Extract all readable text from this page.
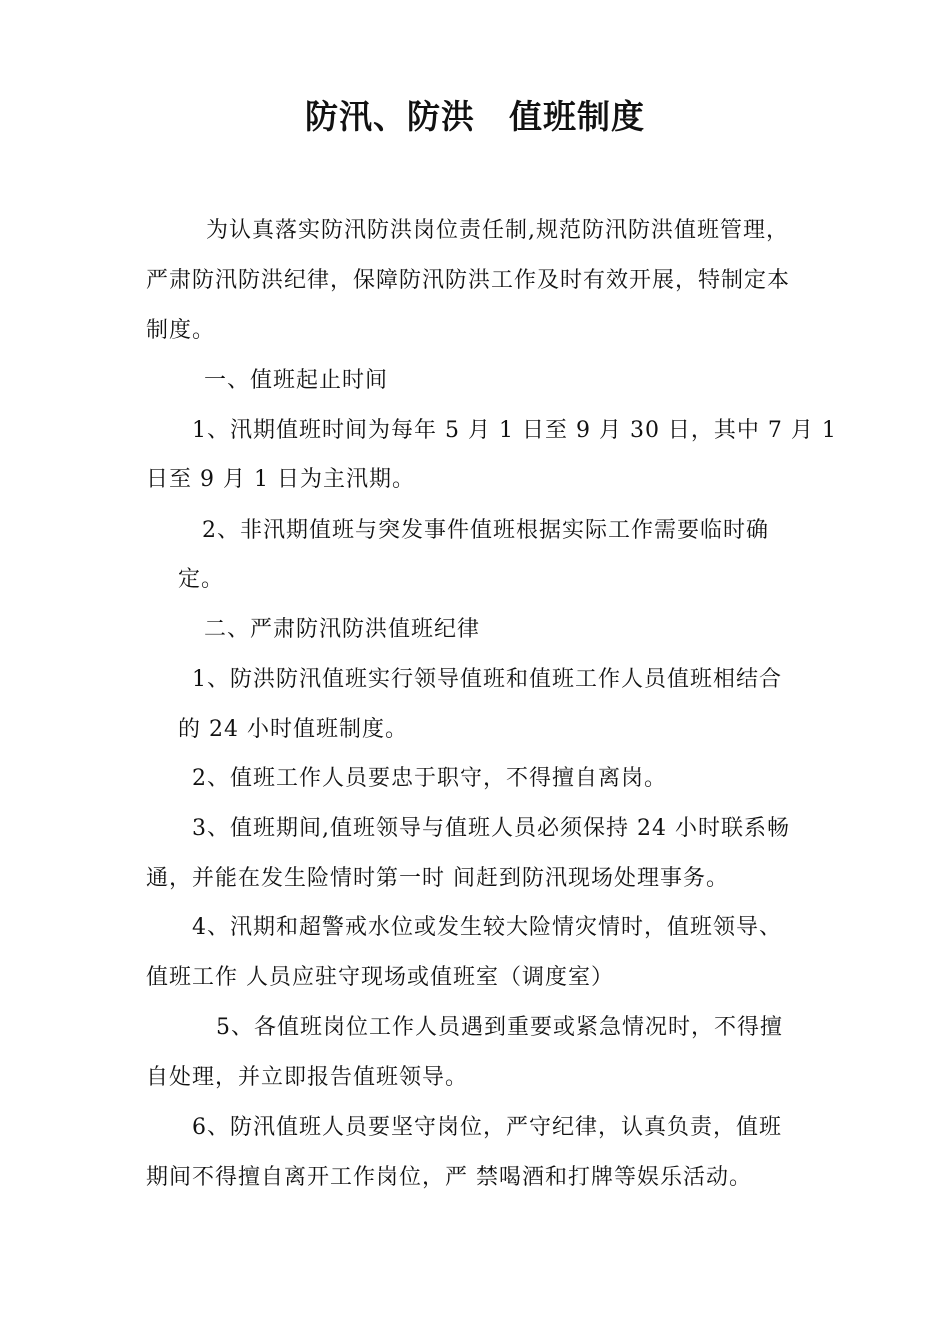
防汛、防洪　值班制度
为认真落实防汛防洪岗位责任制,规范防汛防洪值班管理，
严肃防汛防洪纪律，保障防汛防洪工作及时有效开展，特制定本
制度。
一、值班起止时间
1、汛期值班时间为每年 5 月 1 日至 9 月 30 日，其中 7 月 1
日至 9 月 1 日为主汛期。
2、非汛期值班与突发事件值班根据实际工作需要临时确
定。
二、严肃防汛防洪值班纪律
1、防洪防汛值班实行领导值班和值班工作人员值班相结合
的 24 小时值班制度。
2、值班工作人员要忠于职守，不得擅自离岗。
3、值班期间,值班领导与值班人员必须保持 24 小时联系畅
通，并能在发生险情时第一时 间赶到防汛现场处理事务。
4、汛期和超警戒水位或发生较大险情灾情时，值班领导、
值班工作 人员应驻守现场或值班室（调度室）
5、各值班岗位工作人员遇到重要或紧急情况时，不得擅
自处理，并立即报告值班领导。
6、防汛值班人员要坚守岗位，严守纪律，认真负责，值班
期间不得擅自离开工作岗位，严 禁喝酒和打牌等娱乐活动。
